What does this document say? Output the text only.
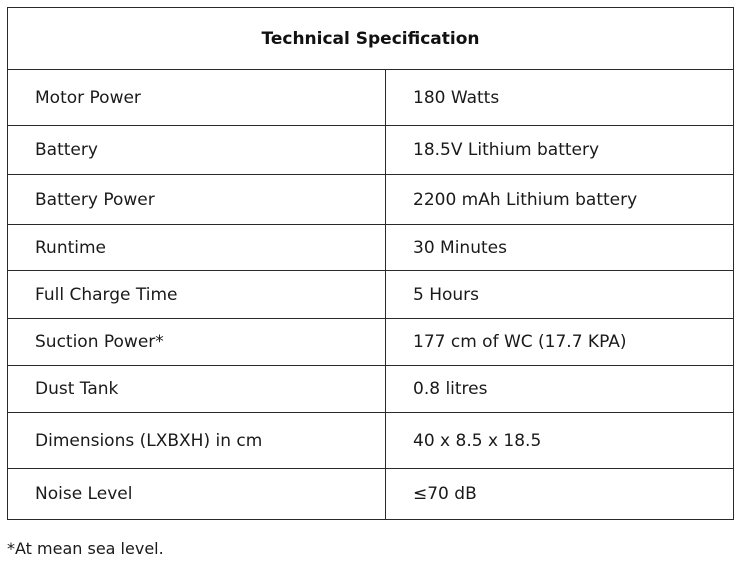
Technical Specification	
Motor Power	180 Watts
Battery	18.5V Lithium battery
Battery Power	2200 mAh Lithium battery
Runtime	30 Minutes
Full Charge Time	5 Hours
Suction Power*	177 cm of WC (17.7 KPA)
Dust Tank	0.8 litres
Dimensions (LXBXH) in cm	40 x 8.5 x 18.5
Noise Level	≤70 dB
*At mean sea level.
